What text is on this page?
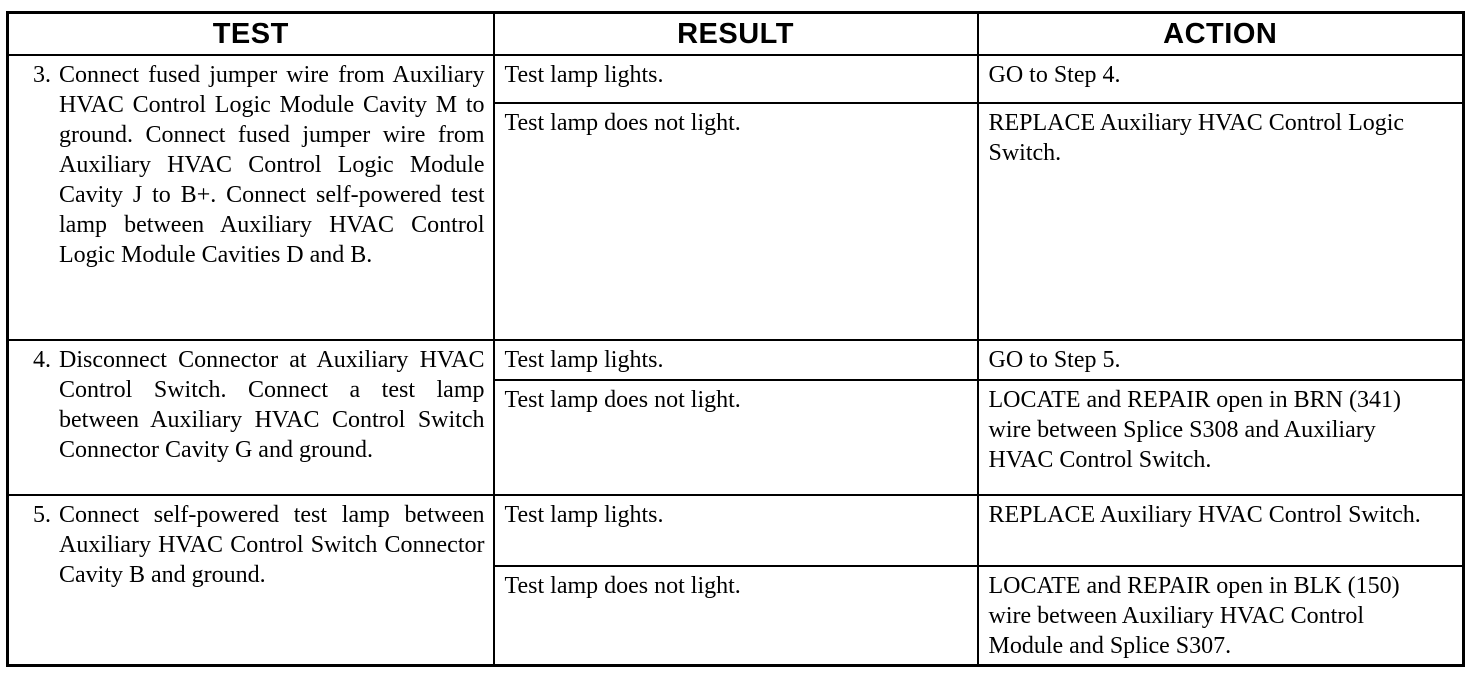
TEST	RESULT	ACTION

3. Connect fused jumper wire from Auxiliary HVAC Control Logic Module Cavity M to ground. Connect fused jumper wire from Auxiliary HVAC Control Logic Module Cavity J to B+. Connect self-powered test lamp between Auxiliary HVAC Control Logic Module Cavities D and B.	Test lamp lights.	GO to Step 4.

	Test lamp does not light.	REPLACE Auxiliary HVAC Control Logic Switch.

4. Disconnect Connector at Auxiliary HVAC Control Switch. Connect a test lamp between Auxiliary HVAC Control Switch Connector Cavity G and ground.	Test lamp lights.	GO to Step 5.

	Test lamp does not light.	LOCATE and REPAIR open in BRN (341) wire between Splice S308 and Auxiliary HVAC Control Switch.

5. Connect self-powered test lamp between Auxiliary HVAC Control Switch Connector Cavity B and ground.	Test lamp lights.	REPLACE Auxiliary HVAC Control Switch.

	Test lamp does not light.	LOCATE and REPAIR open in BLK (150) wire between Auxiliary HVAC Control Module and Splice S307.
